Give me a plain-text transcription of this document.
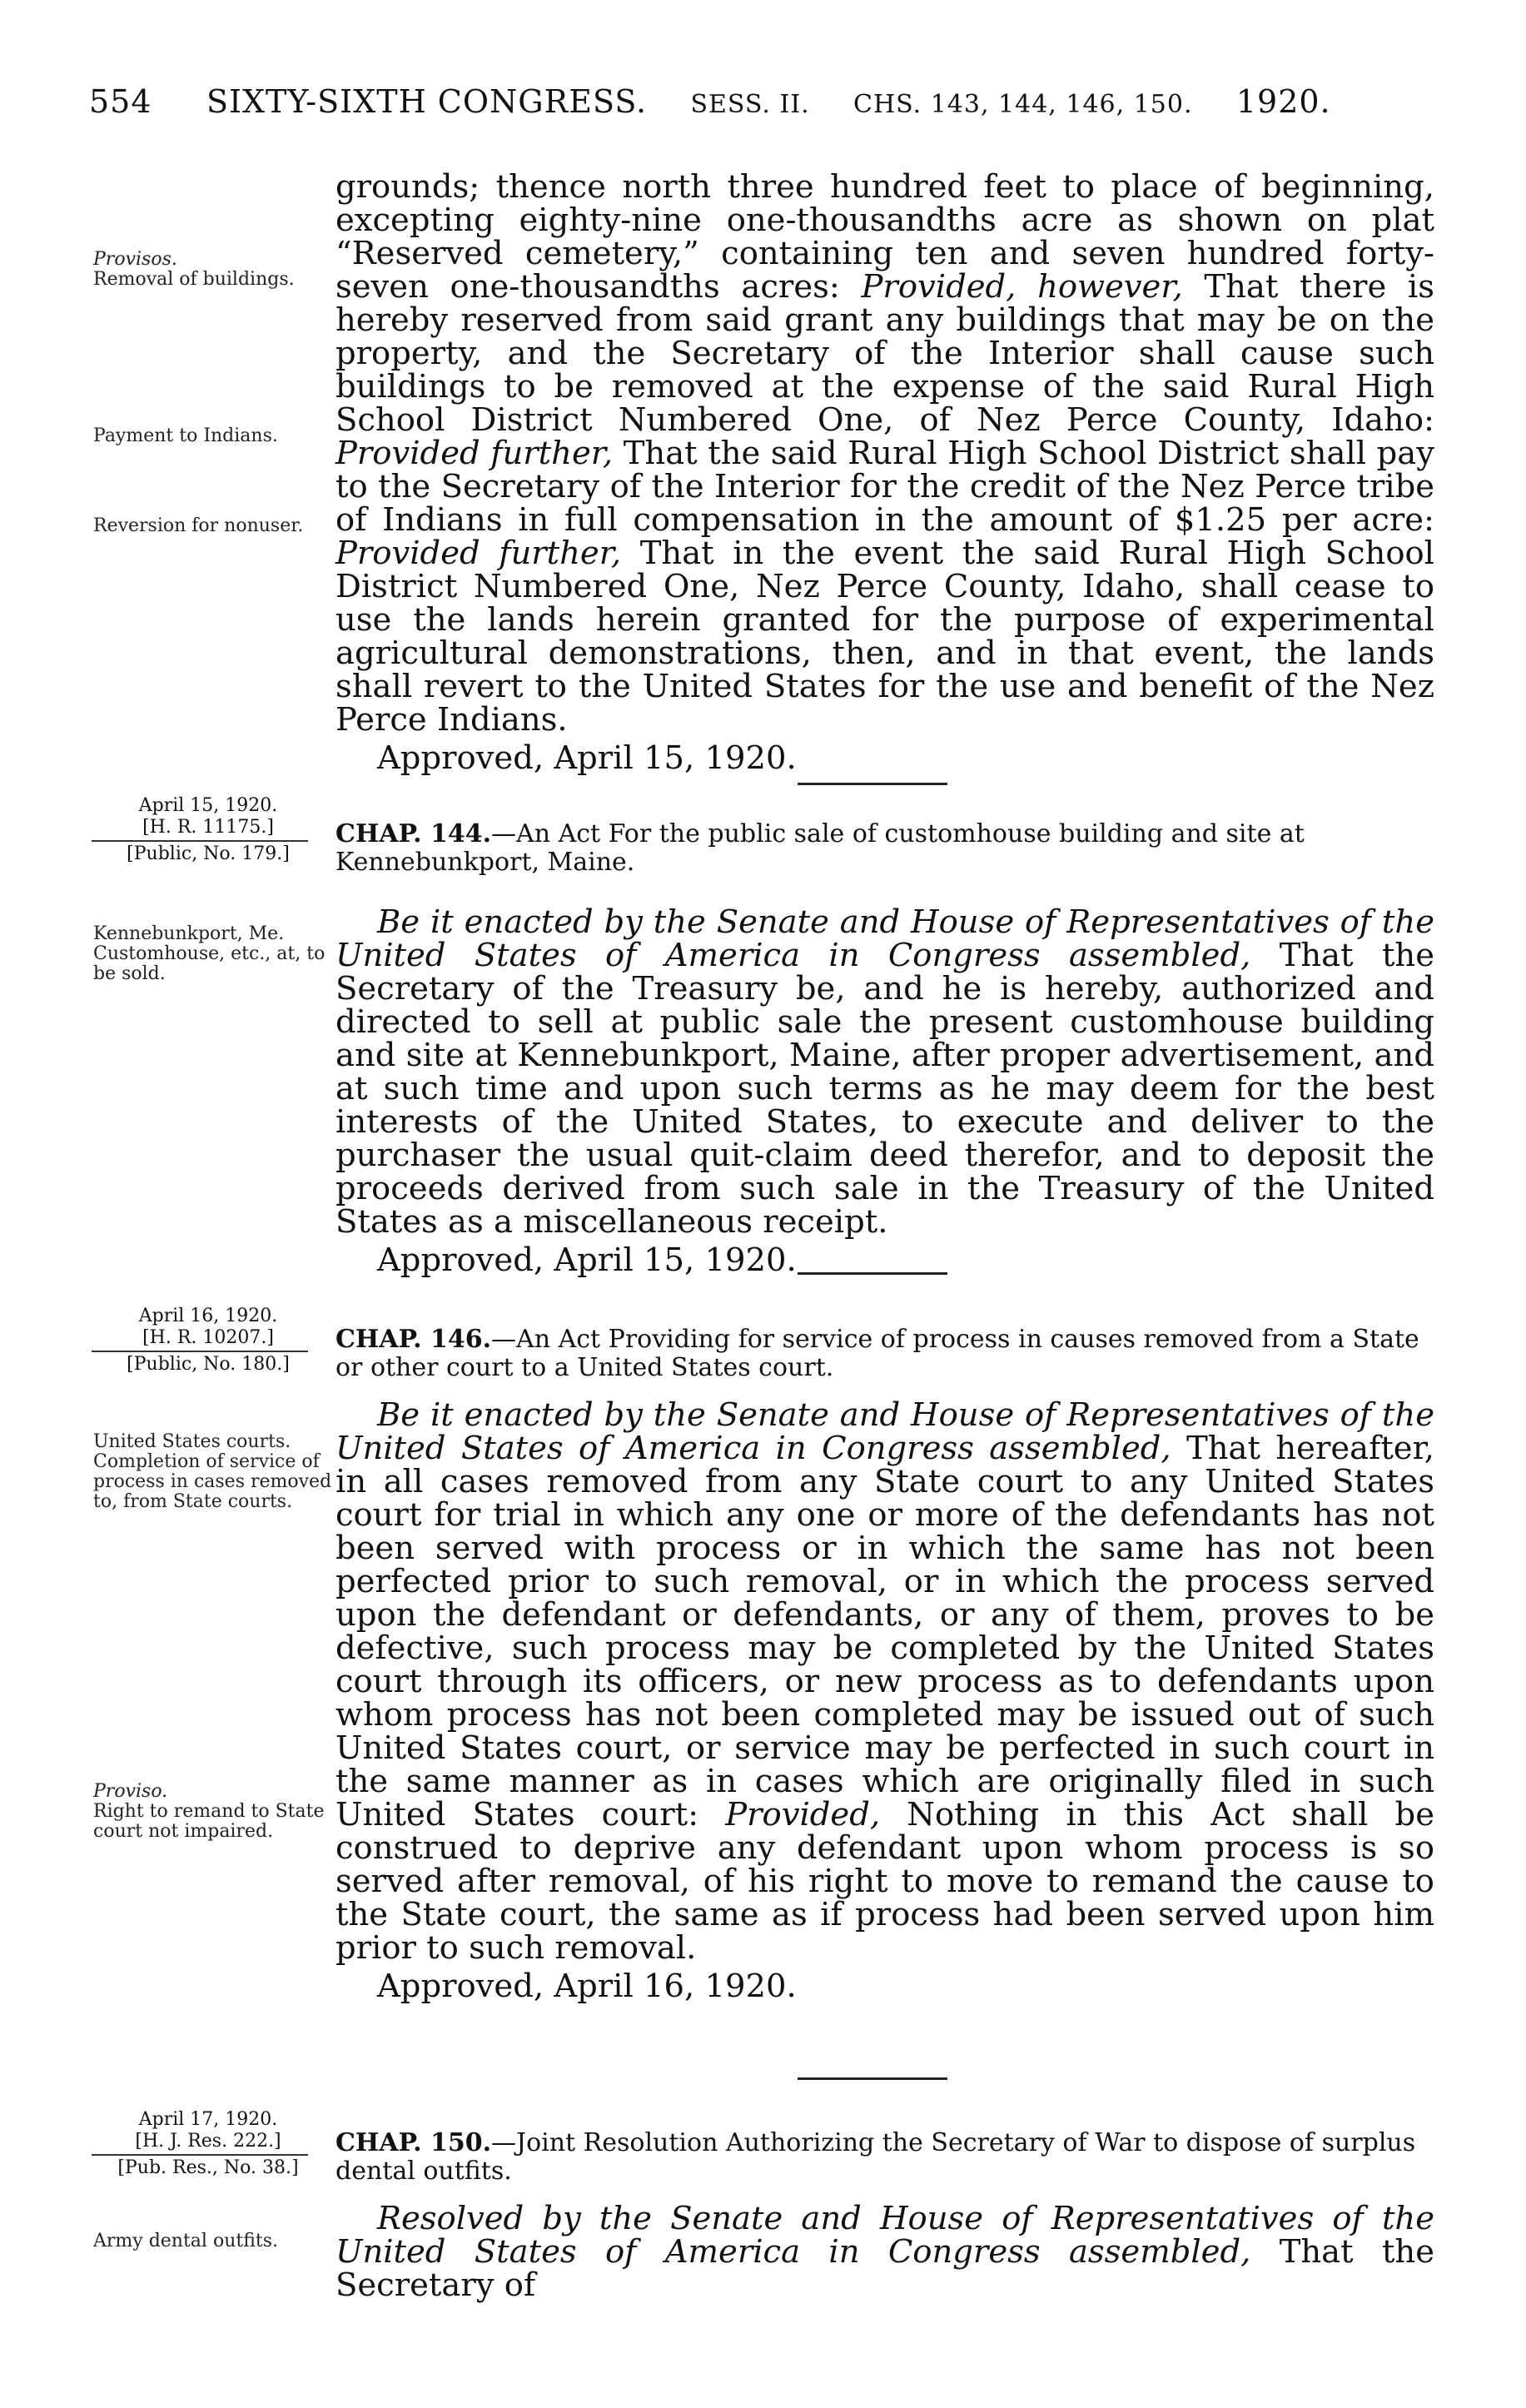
554 SIXTY-SIXTH CONGRESS. SESS. II. CHS. 143, 144, 146, 150. 1920.

grounds; thence north three hundred feet to place of beginning, excepting eighty-nine one-thousandths acre as shown on plat “Reserved cemetery,” containing ten and seven hundred forty-seven one-thousandths acres: Provided, however, That there is hereby reserved from said grant any buildings that may be on the property, and the Secretary of the Interior shall cause such buildings to be removed at the expense of the said Rural High School District Numbered One, of Nez Perce County, Idaho: Provided further, That the said Rural High School District shall pay to the Secretary of the Interior for the credit of the Nez Perce tribe of Indians in full compensation in the amount of $1.25 per acre: Provided further, That in the event the said Rural High School District Numbered One, Nez Perce County, Idaho, shall cease to use the lands herein granted for the purpose of experimental agricultural demonstrations, then, and in that event, the lands shall revert to the United States for the use and benefit of the Nez Perce Indians.

Approved, April 15, 1920.

Provisos.
Removal of buildings.
Payment to Indians.
Reversion for nonuser.
April 15, 1920.
[H. R. 11175.]
[Public, No. 179.]
CHAP. 144.—An Act For the public sale of customhouse building and site at Kennebunkport, Maine.

Be it enacted by the Senate and House of Representatives of the United States of America in Congress assembled, That the Secretary of the Treasury be, and he is hereby, authorized and directed to sell at public sale the present customhouse building and site at Kennebunkport, Maine, after proper advertisement, and at such time and upon such terms as he may deem for the best interests of the United States, to execute and deliver to the purchaser the usual quit-claim deed therefor, and to deposit the proceeds derived from such sale in the Treasury of the United States as a miscellaneous receipt.

Approved, April 15, 1920.

Kennebunkport, Me. Customhouse, etc., at, to be sold.
April 16, 1920.
[H. R. 10207.]
[Public, No. 180.]
CHAP. 146.—An Act Providing for service of process in causes removed from a State or other court to a United States court.

Be it enacted by the Senate and House of Representatives of the United States of America in Congress assembled, That hereafter, in all cases removed from any State court to any United States court for trial in which any one or more of the defendants has not been served with process or in which the same has not been perfected prior to such removal, or in which the process served upon the defendant or defendants, or any of them, proves to be defective, such process may be completed by the United States court through its officers, or new process as to defendants upon whom process has not been completed may be issued out of such United States court, or service may be perfected in such court in the same manner as in cases which are originally filed in such United States court: Provided, Nothing in this Act shall be construed to deprive any defendant upon whom process is so served after removal, of his right to move to remand the cause to the State court, the same as if process had been served upon him prior to such removal.

Approved, April 16, 1920.

United States courts. Completion of service of process in cases removed to, from State courts.
Proviso.
Right to remand to State court not impaired.
April 17, 1920.
[H. J. Res. 222.]
[Pub. Res., No. 38.]
CHAP. 150.—Joint Resolution Authorizing the Secretary of War to dispose of surplus dental outfits.

Resolved by the Senate and House of Representatives of the United States of America in Congress assembled, That the Secretary of

Army dental outfits.
